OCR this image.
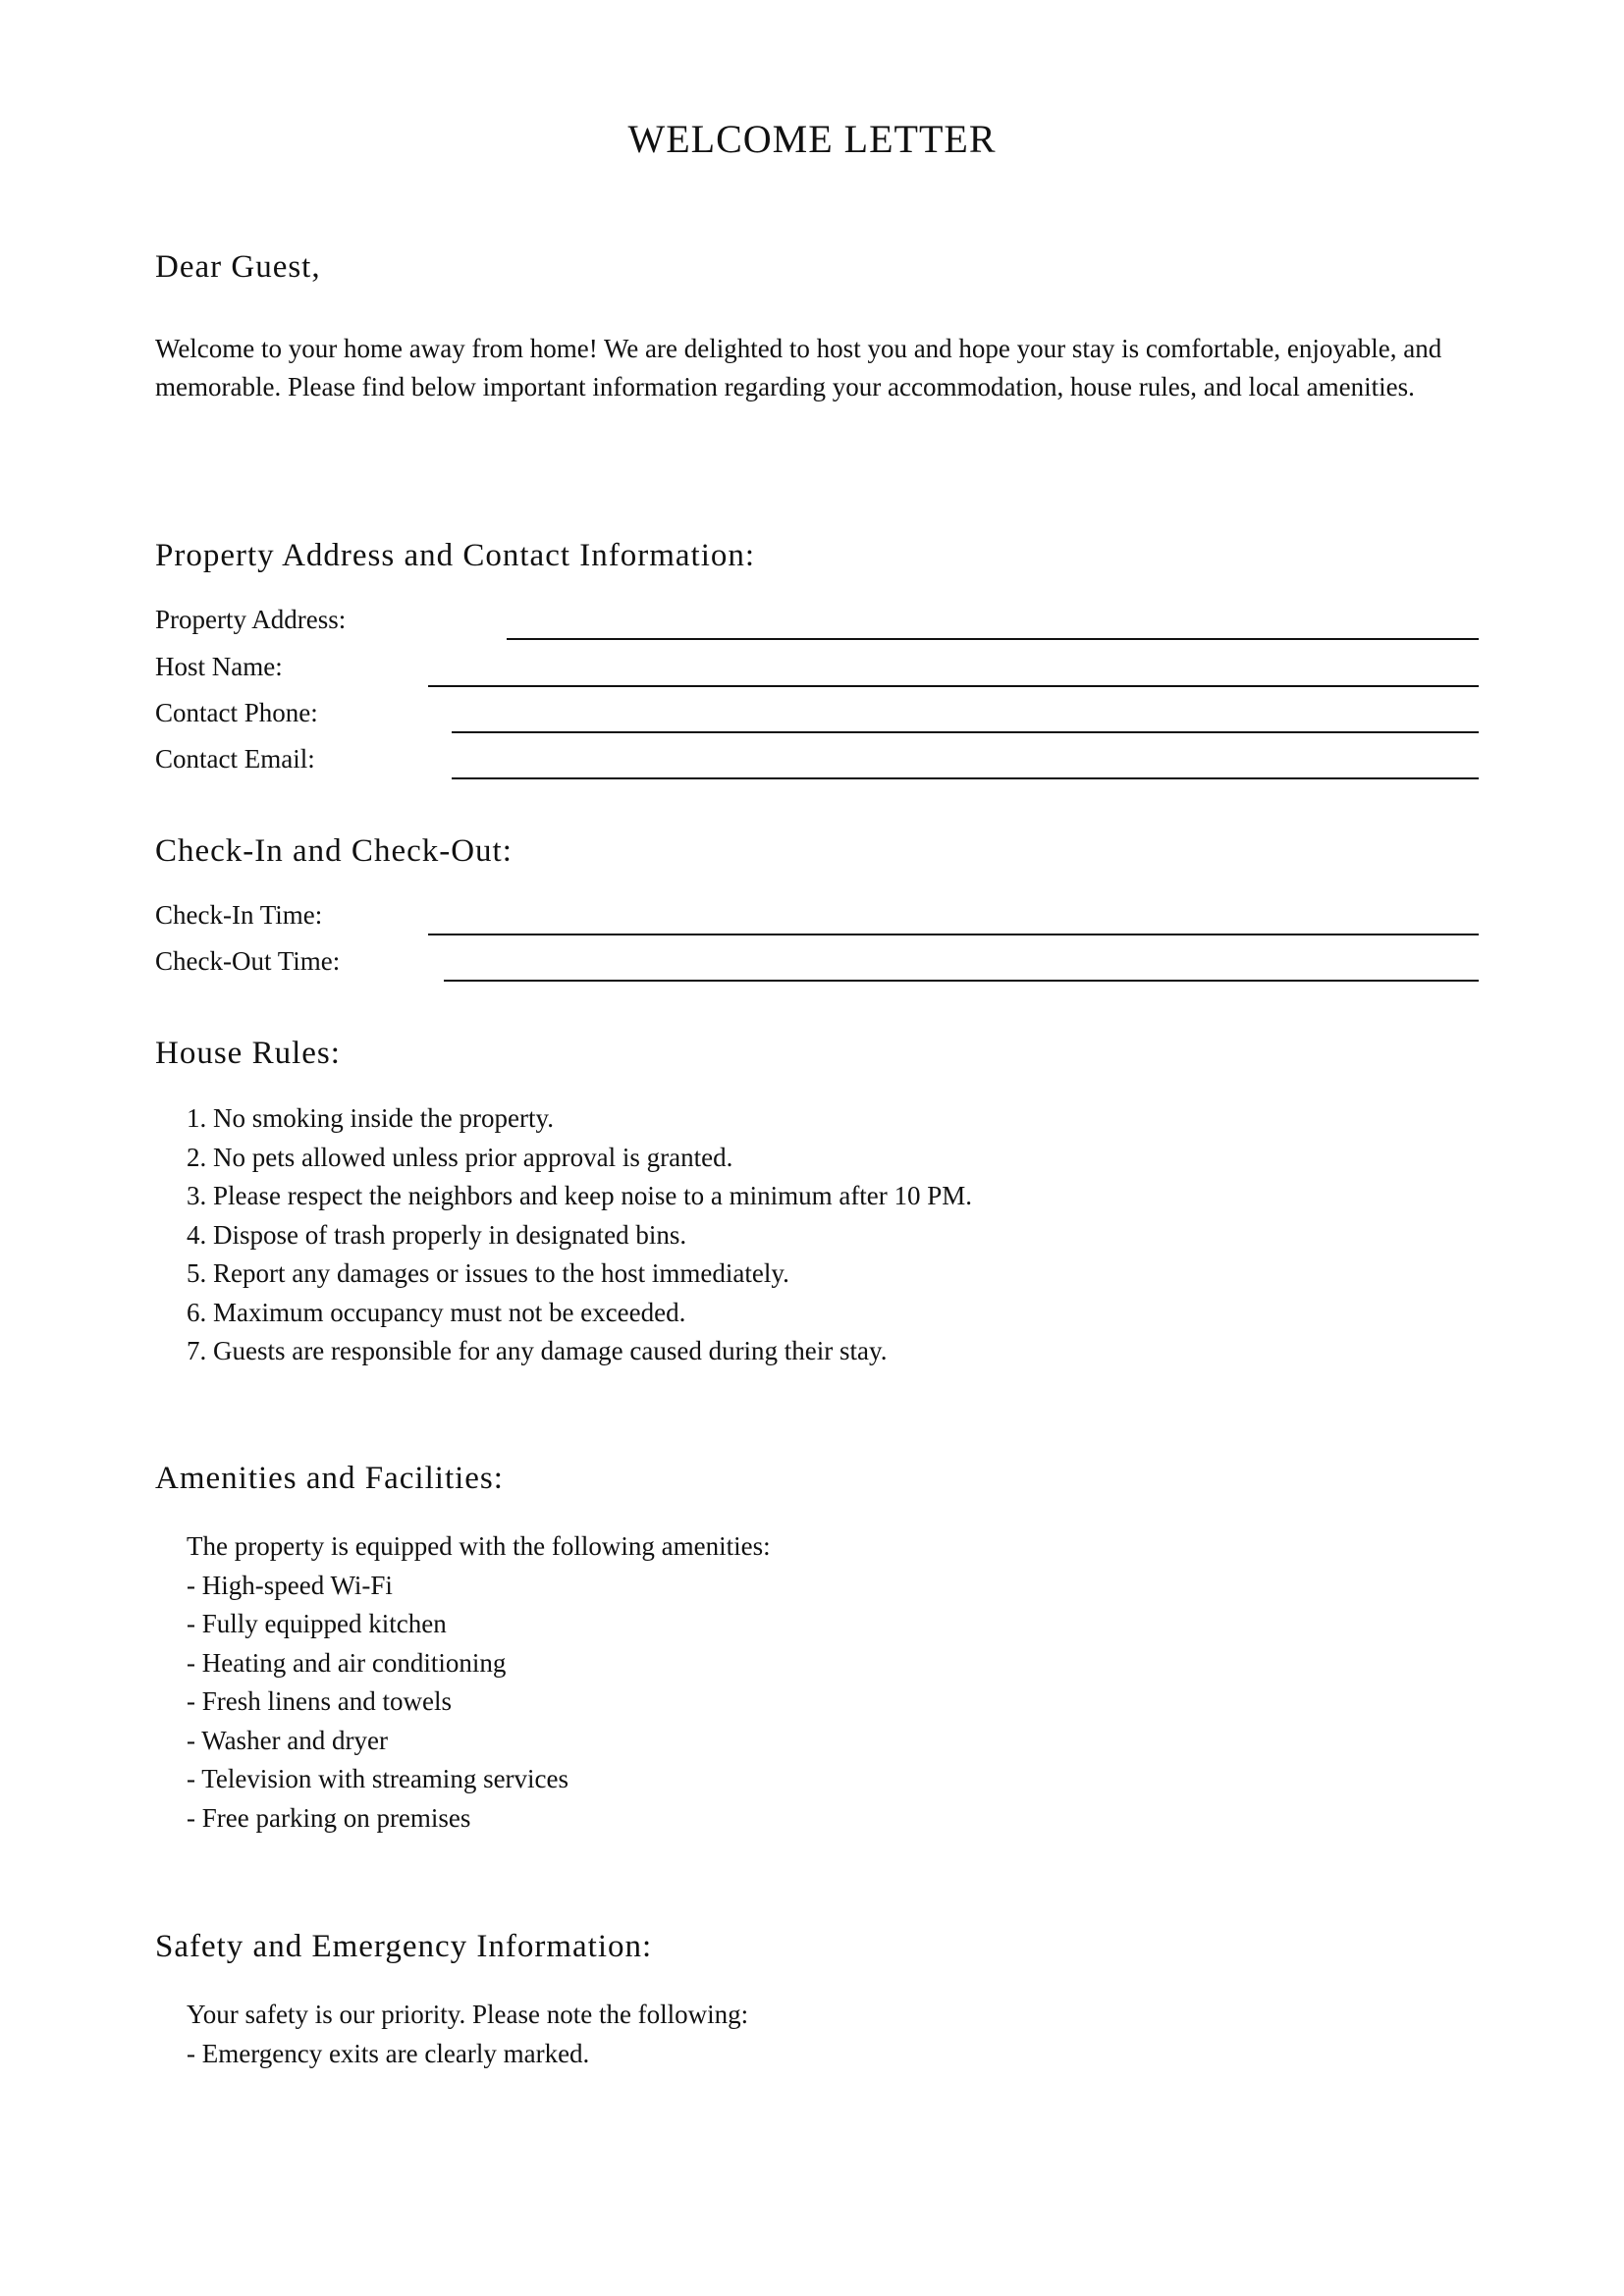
WELCOME LETTER

Dear Guest,

Welcome to your home away from home! We are delighted to host you and hope your stay is comfortable, enjoyable, and memorable. Please find below important information regarding your accommodation, house rules, and local amenities.

Property Address and Contact Information:
Property Address:
Host Name:
Contact Phone:
Contact Email:
Check-In and Check-Out:
Check-In Time:
Check-Out Time:
House Rules:
1. No smoking inside the property.
2. No pets allowed unless prior approval is granted.
3. Please respect the neighbors and keep noise to a minimum after 10 PM.
4. Dispose of trash properly in designated bins.
5. Report any damages or issues to the host immediately.
6. Maximum occupancy must not be exceeded.
7. Guests are responsible for any damage caused during their stay.
Amenities and Facilities:
The property is equipped with the following amenities:
- High-speed Wi-Fi
- Fully equipped kitchen
- Heating and air conditioning
- Fresh linens and towels
- Washer and dryer
- Television with streaming services
- Free parking on premises
Safety and Emergency Information:
Your safety is our priority. Please note the following:
- Emergency exits are clearly marked.
